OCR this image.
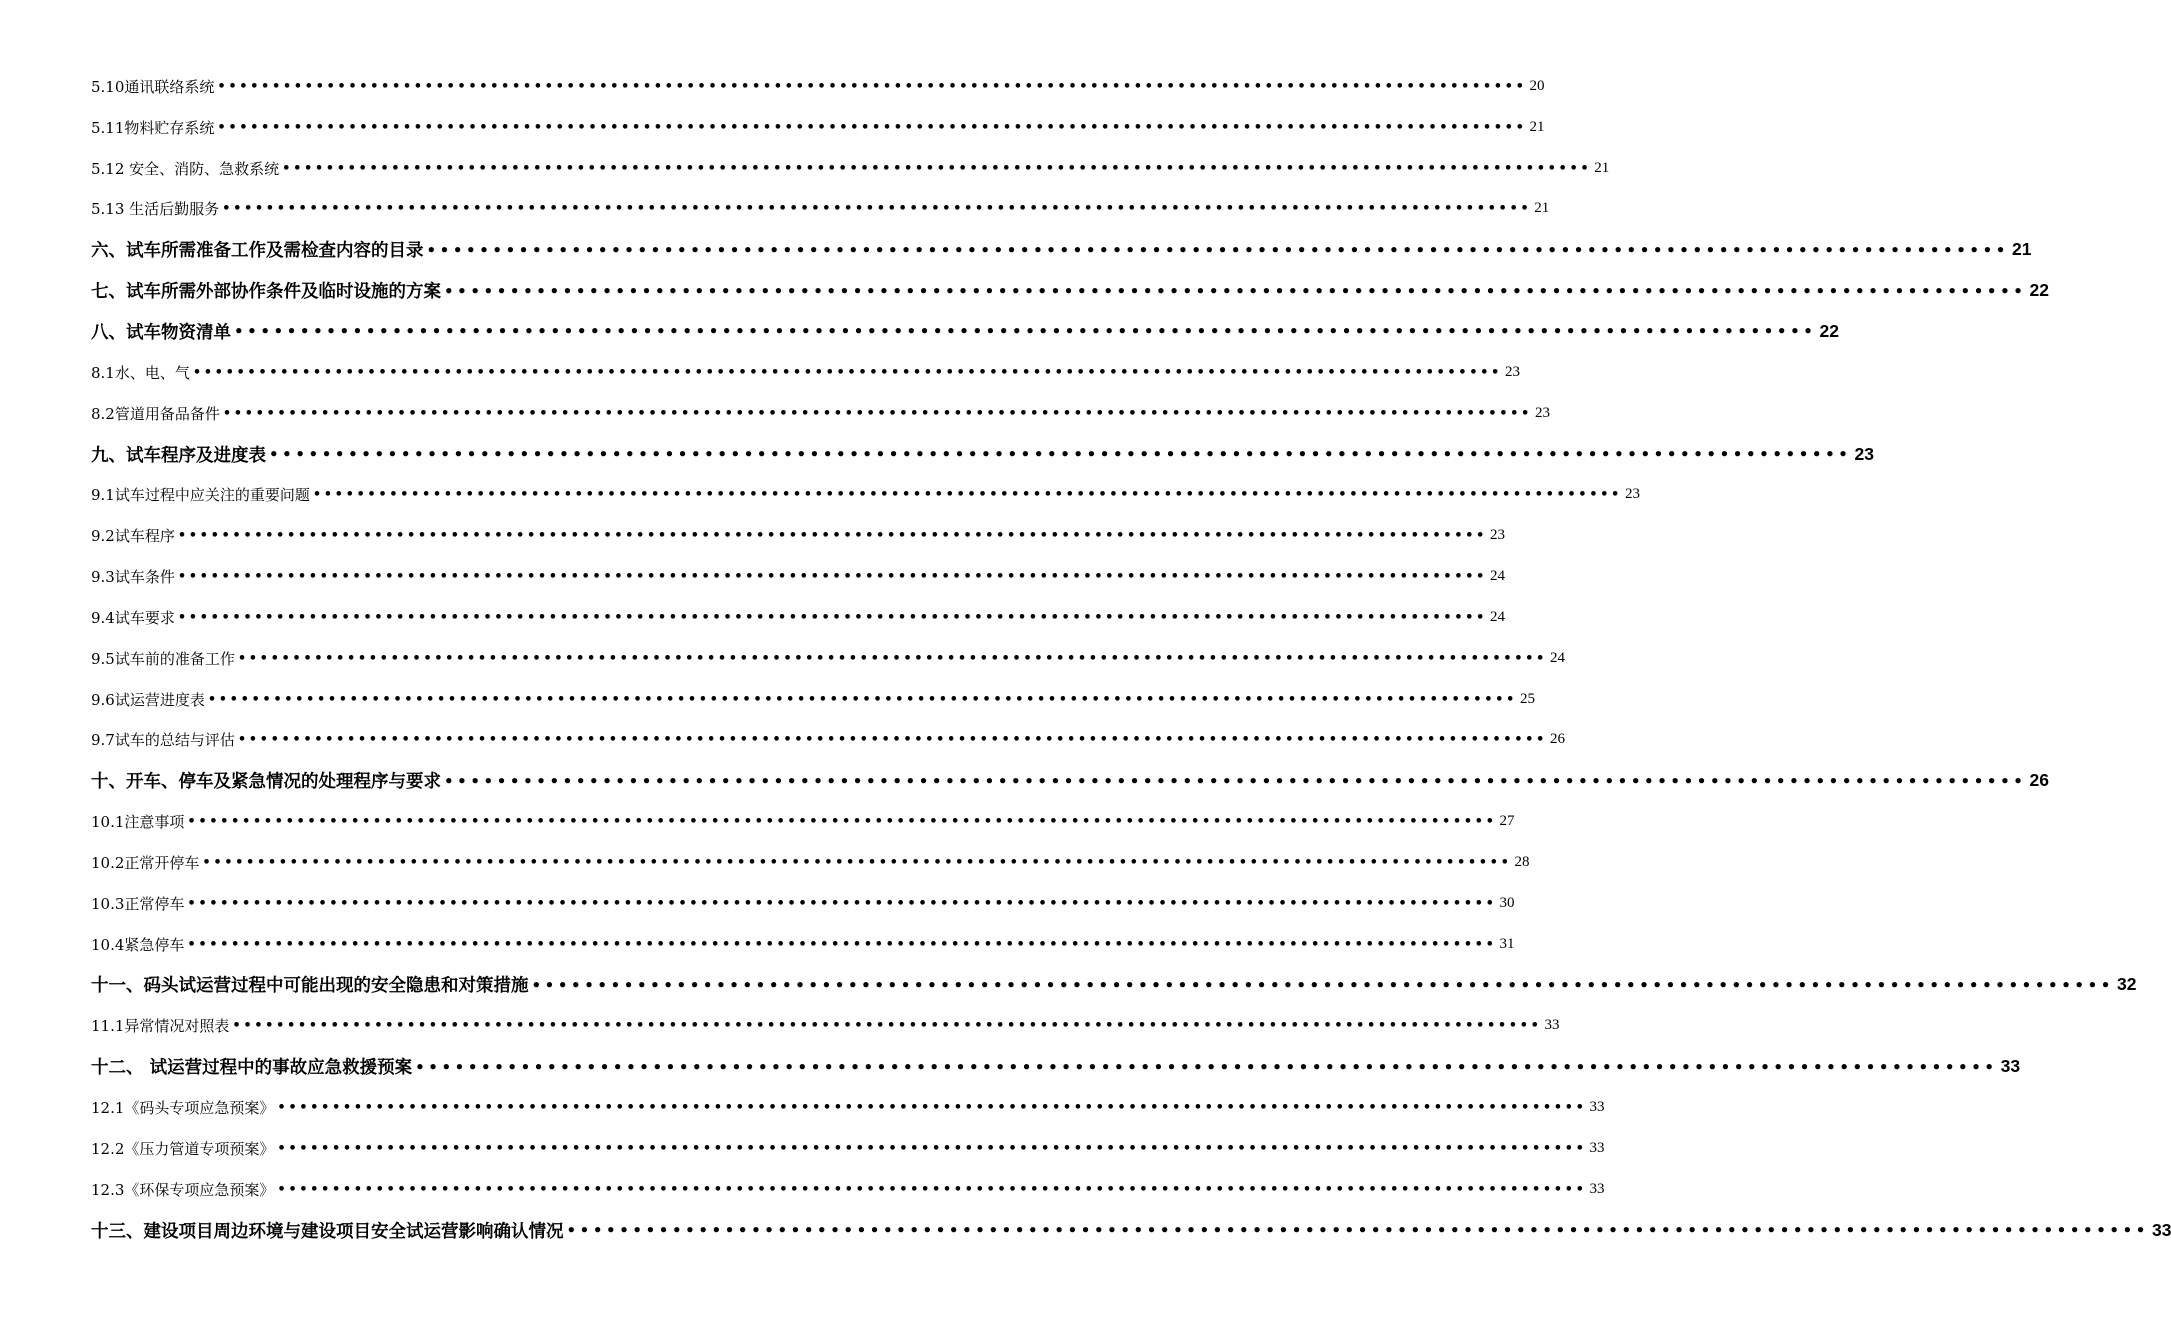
5.10通讯联络系统 •••••••••••••••••••••••••••••••••••••••••••••••••••••••••••••••••••••••••••••••••••••••••••••••••••••••••••••••••••••••• 20
5.11物料贮存系统 •••••••••••••••••••••••••••••••••••••••••••••••••••••••••••••••••••••••••••••••••••••••••••••••••••••••••••••••••••••••• 21
5.12 安全、消防、急救系统 •••••••••••••••••••••••••••••••••••••••••••••••••••••••••••••••••••••••••••••••••••••••••••••••••••••••••••••••••••••••• 21
5.13 生活后勤服务 •••••••••••••••••••••••••••••••••••••••••••••••••••••••••••••••••••••••••••••••••••••••••••••••••••••••••••••••••••••••• 21
六、试车所需准备工作及需检查内容的目录 •••••••••••••••••••••••••••••••••••••••••••••••••••••••••••••••••••••••••••••••••••••••••••••••••••••••••••••••••••••••• 21
七、试车所需外部协作条件及临时设施的方案 •••••••••••••••••••••••••••••••••••••••••••••••••••••••••••••••••••••••••••••••••••••••••••••••••••••••••••••••••••••••• 22
八、试车物资清单 •••••••••••••••••••••••••••••••••••••••••••••••••••••••••••••••••••••••••••••••••••••••••••••••••••••••••••••••••••••••• 22
8.1水、电、气 •••••••••••••••••••••••••••••••••••••••••••••••••••••••••••••••••••••••••••••••••••••••••••••••••••••••••••••••••••••••• 23
8.2管道用备品备件 •••••••••••••••••••••••••••••••••••••••••••••••••••••••••••••••••••••••••••••••••••••••••••••••••••••••••••••••••••••••• 23
九、试车程序及进度表 •••••••••••••••••••••••••••••••••••••••••••••••••••••••••••••••••••••••••••••••••••••••••••••••••••••••••••••••••••••••• 23
9.1试车过程中应关注的重要问题 •••••••••••••••••••••••••••••••••••••••••••••••••••••••••••••••••••••••••••••••••••••••••••••••••••••••••••••••••••••••• 23
9.2试车程序 •••••••••••••••••••••••••••••••••••••••••••••••••••••••••••••••••••••••••••••••••••••••••••••••••••••••••••••••••••••••• 23
9.3试车条件 •••••••••••••••••••••••••••••••••••••••••••••••••••••••••••••••••••••••••••••••••••••••••••••••••••••••••••••••••••••••• 24
9.4试车要求 •••••••••••••••••••••••••••••••••••••••••••••••••••••••••••••••••••••••••••••••••••••••••••••••••••••••••••••••••••••••• 24
9.5试车前的准备工作 •••••••••••••••••••••••••••••••••••••••••••••••••••••••••••••••••••••••••••••••••••••••••••••••••••••••••••••••••••••••• 24
9.6试运营进度表 •••••••••••••••••••••••••••••••••••••••••••••••••••••••••••••••••••••••••••••••••••••••••••••••••••••••••••••••••••••••• 25
9.7试车的总结与评估 •••••••••••••••••••••••••••••••••••••••••••••••••••••••••••••••••••••••••••••••••••••••••••••••••••••••••••••••••••••••• 26
十、开车、停车及紧急情况的处理程序与要求 •••••••••••••••••••••••••••••••••••••••••••••••••••••••••••••••••••••••••••••••••••••••••••••••••••••••••••••••••••••••• 26
10.1注意事项 •••••••••••••••••••••••••••••••••••••••••••••••••••••••••••••••••••••••••••••••••••••••••••••••••••••••••••••••••••••••• 27
10.2正常开停车 •••••••••••••••••••••••••••••••••••••••••••••••••••••••••••••••••••••••••••••••••••••••••••••••••••••••••••••••••••••••• 28
10.3正常停车 •••••••••••••••••••••••••••••••••••••••••••••••••••••••••••••••••••••••••••••••••••••••••••••••••••••••••••••••••••••••• 30
10.4紧急停车 •••••••••••••••••••••••••••••••••••••••••••••••••••••••••••••••••••••••••••••••••••••••••••••••••••••••••••••••••••••••• 31
十一、码头试运营过程中可能出现的安全隐患和对策措施 •••••••••••••••••••••••••••••••••••••••••••••••••••••••••••••••••••••••••••••••••••••••••••••••••••••••••••••••••••••••• 32
11.1异常情况对照表 •••••••••••••••••••••••••••••••••••••••••••••••••••••••••••••••••••••••••••••••••••••••••••••••••••••••••••••••••••••••• 33
十二、 试运营过程中的事故应急救援预案 •••••••••••••••••••••••••••••••••••••••••••••••••••••••••••••••••••••••••••••••••••••••••••••••••••••••••••••••••••••••• 33
12.1《码头专项应急预案》 •••••••••••••••••••••••••••••••••••••••••••••••••••••••••••••••••••••••••••••••••••••••••••••••••••••••••••••••••••••••• 33
12.2《压力管道专项预案》 •••••••••••••••••••••••••••••••••••••••••••••••••••••••••••••••••••••••••••••••••••••••••••••••••••••••••••••••••••••••• 33
12.3《环保专项应急预案》 •••••••••••••••••••••••••••••••••••••••••••••••••••••••••••••••••••••••••••••••••••••••••••••••••••••••••••••••••••••••• 33
十三、建设项目周边环境与建设项目安全试运营影响确认情况 •••••••••••••••••••••••••••••••••••••••••••••••••••••••••••••••••••••••••••••••••••••••••••••••••••••••••••••••••••••••• 33
